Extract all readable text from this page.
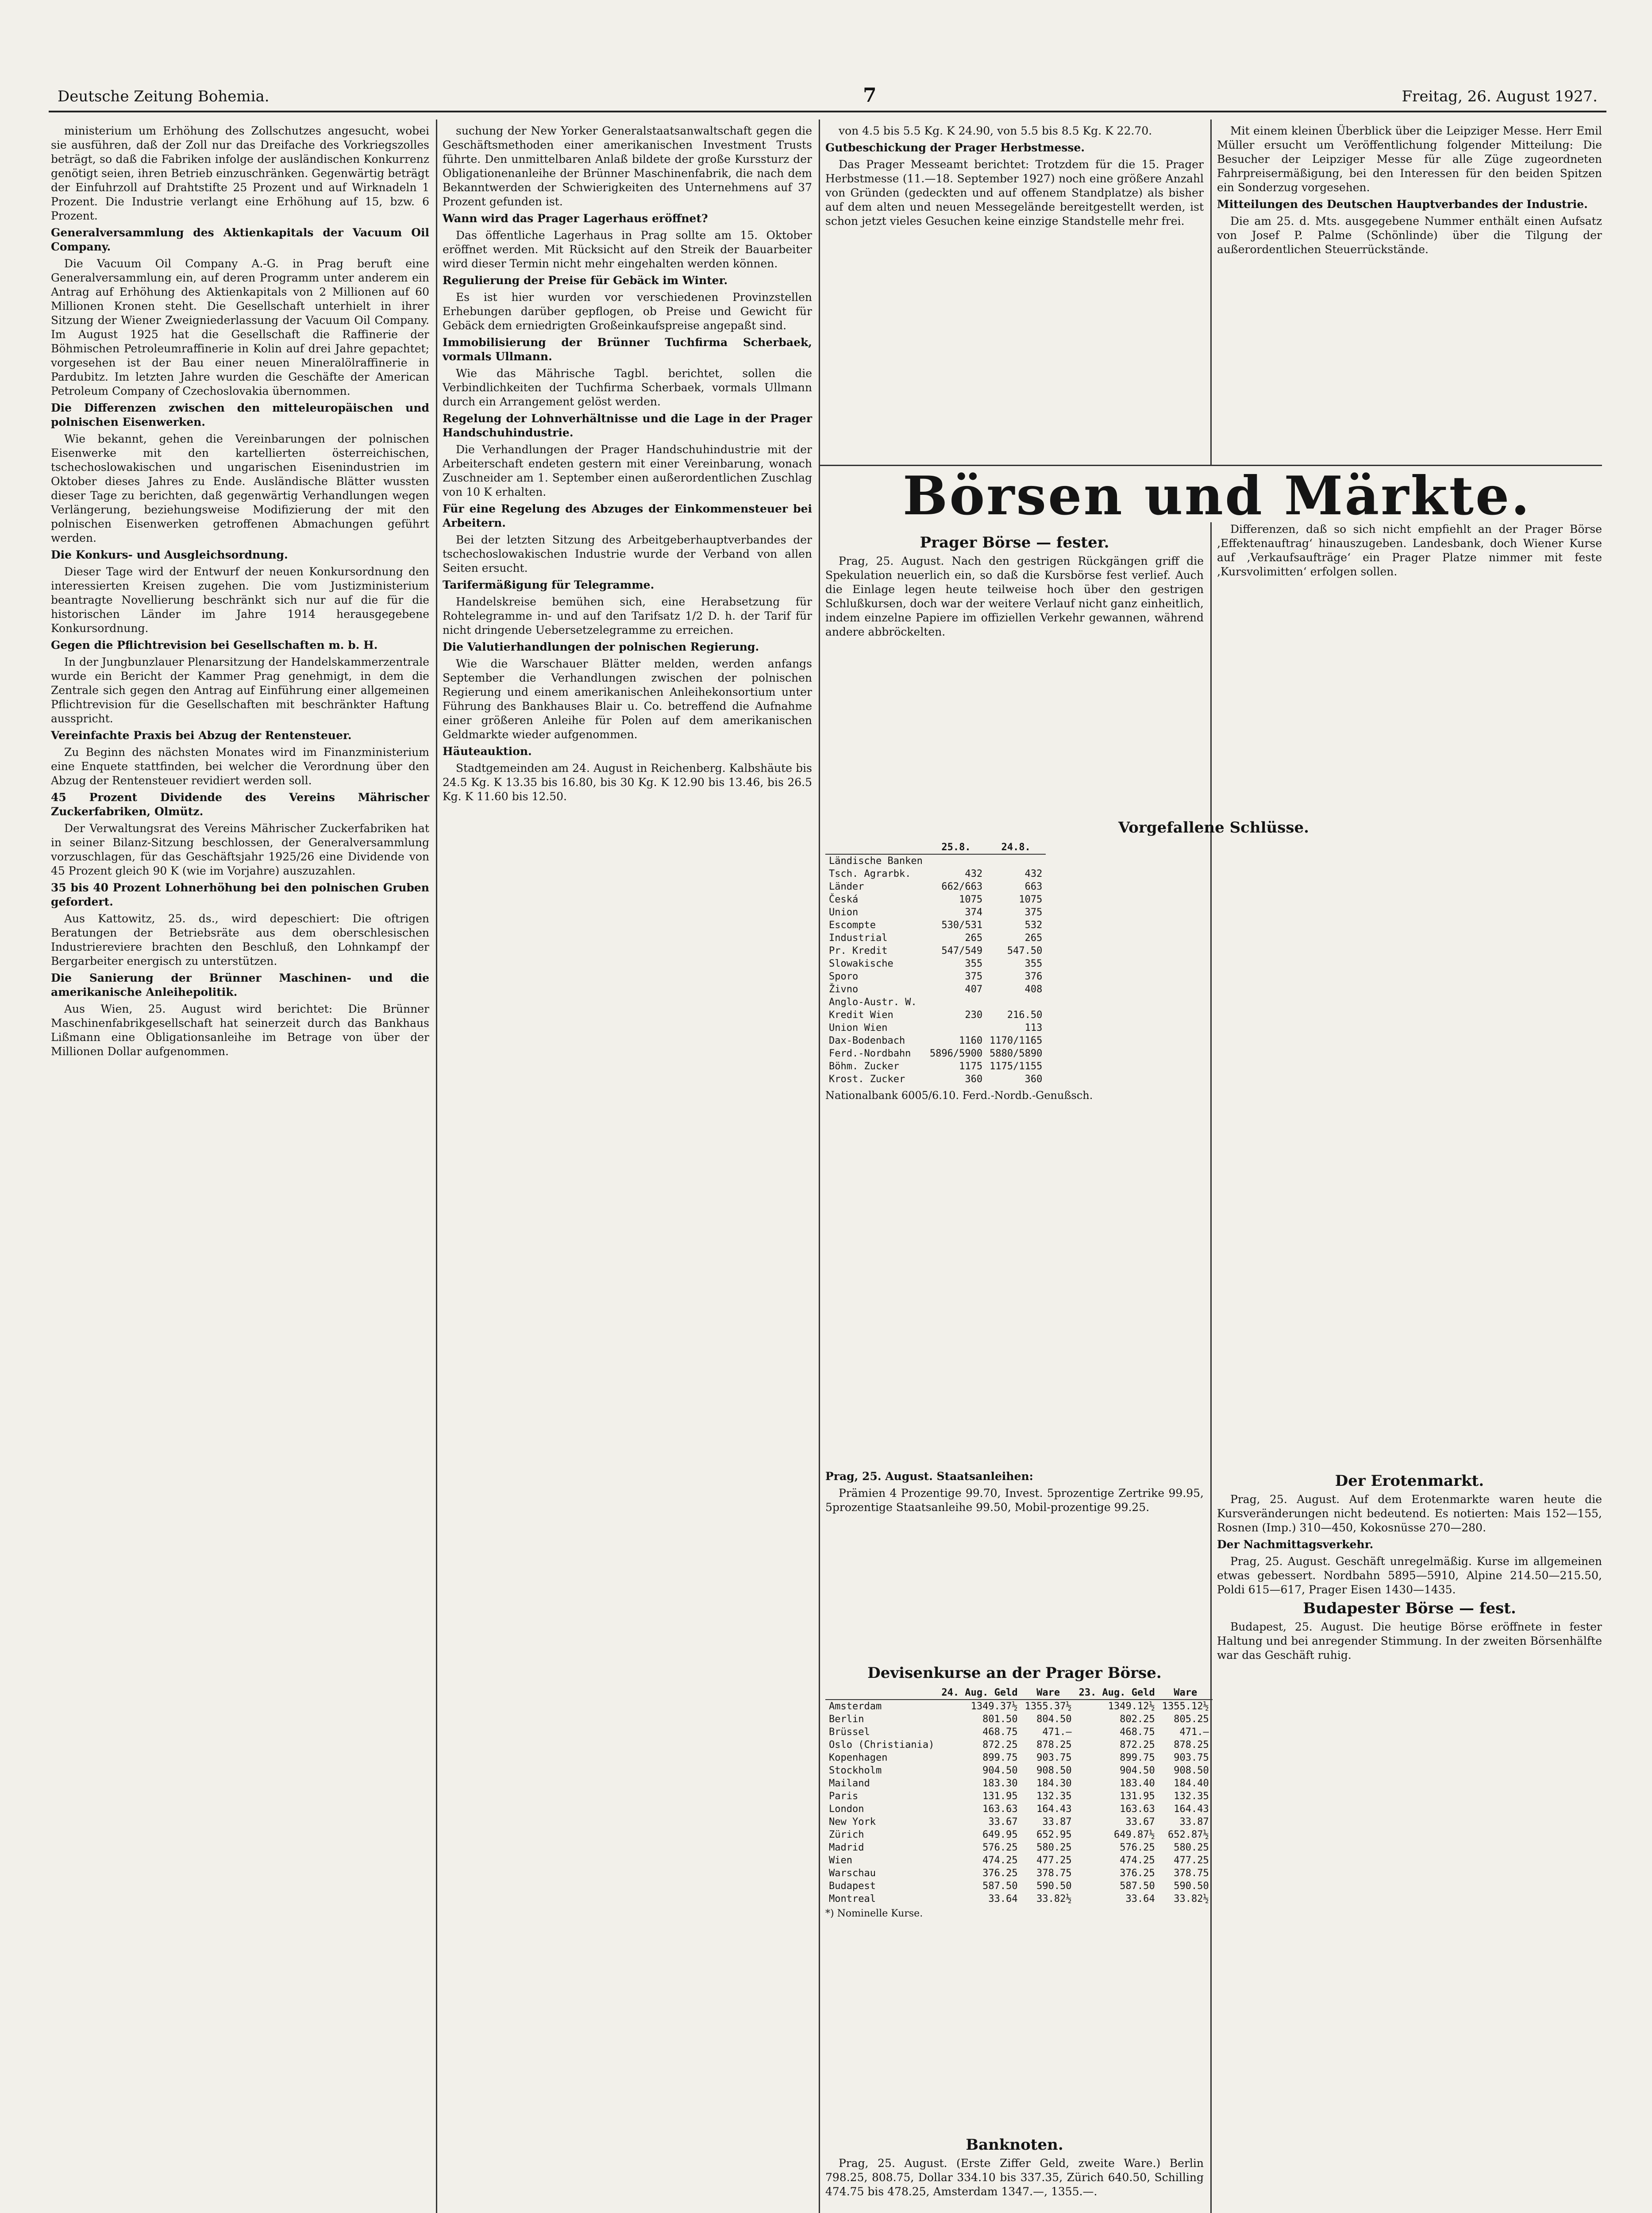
Deutsche Zeitung Bohemia.	7	Freitag, 26. August 1927.

ministerium um Erhöhung des Zollschutzes angesucht, wobei sie ausführen, daß der Zoll nur das Dreifache des Vorkriegszolles beträgt, so daß die Fabriken infolge der ausländischen Konkurrenz genötigt seien, ihren Betrieb einzuschränken. Gegenwärtig beträgt der Einfuhrzoll auf Drahtstifte 25 Prozent und auf Wirknadeln 1 Prozent. Die Industrie verlangt eine Erhöhung auf 15, bzw. 6 Prozent.

Generalversammlung des Aktienkapitals der Vacuum Oil Company.

Die Vacuum Oil Company A.-G. in Prag beruft eine Generalversammlung ein, auf deren Programm unter anderem ein Antrag auf Erhöhung des Aktienkapitals von 2 Millionen auf 60 Millionen Kronen steht. Die Gesellschaft unterhielt in ihrer Sitzung der Wiener Zweigniederlassung der Vacuum Oil Company. Im August 1925 hat die Gesellschaft die Raffinerie der Böhmischen Petroleumraffinerie in Kolin auf drei Jahre gepachtet; vorgesehen ist der Bau einer neuen Mineralölraffinerie in Pardubitz. Im letzten Jahre wurden die Geschäfte der American Petroleum Company of Czechoslovakia übernommen.

Die Differenzen zwischen den mitteleuropäischen und polnischen Eisenwerken.

Wie bekannt, gehen die Vereinbarungen der polnischen Eisenwerke mit den kartellierten österreichischen, tschechoslowakischen und ungarischen Eisenindustrien im Oktober dieses Jahres zu Ende. Ausländische Blätter wussten dieser Tage zu berichten, daß gegenwärtig Verhandlungen wegen Verlängerung, beziehungsweise Modifizierung der mit den polnischen Eisenwerken getroffenen Abmachungen geführt werden.

Die Konkurs- und Ausgleichsordnung.

Dieser Tage wird der Entwurf der neuen Konkursordnung den interessierten Kreisen zugehen. Die vom Justizministerium beantragte Novellierung beschränkt sich nur auf die für die historischen Länder im Jahre 1914 herausgegebene Konkursordnung.

Gegen die Pflichtrevision bei Gesellschaften m. b. H.

In der Jungbunzlauer Plenarsitzung der Handelskammerzentrale wurde ein Bericht der Kammer Prag genehmigt, in dem die Zentrale sich gegen den Antrag auf Einführung einer allgemeinen Pflichtrevision für die Gesellschaften mit beschränkter Haftung ausspricht.

Vereinfachte Praxis bei Abzug der Rentensteuer.

Zu Beginn des nächsten Monates wird im Finanzministerium eine Enquete stattfinden, bei welcher die Verordnung über den Abzug der Rentensteuer revidiert werden soll.

45 Prozent Dividende des Vereins Mährischer Zuckerfabriken, Olmütz.

Der Verwaltungsrat des Vereins Mährischer Zuckerfabriken hat in seiner Bilanz-Sitzung beschlossen, der Generalversammlung vorzuschlagen, für das Geschäftsjahr 1925/26 eine Dividende von 45 Prozent gleich 90 K (wie im Vorjahre) auszuzahlen.

35 bis 40 Prozent Lohnerhöhung bei den polnischen Gruben gefordert.

Aus Kattowitz, 25. ds., wird depeschiert: Die oftrigen Beratungen der Betriebsräte aus dem oberschlesischen Industriereviere brachten den Beschluß, den Lohnkampf der Bergarbeiter energisch zu unterstützen.

Die Sanierung der Brünner Maschinen- und die amerikanische Anleihepolitik.

Aus Wien, 25. August wird berichtet: Die Brünner Maschinenfabrikgesellschaft hat seinerzeit durch das Bankhaus Lißmann eine Obligationsanleihe im Betrage von über der Millionen Dollar aufgenommen.

suchung der New Yorker Generalstaatsanwaltschaft gegen die Geschäftsmethoden einer amerikanischen Investment Trusts führte. Den unmittelbaren Anlaß bildete der große Kurssturz der Obligationenanleihe der Brünner Maschinenfabrik, die nach dem Bekanntwerden der Schwierigkeiten des Unternehmens auf 37 Prozent gefunden ist.

Wann wird das Prager Lagerhaus eröffnet?

Das öffentliche Lagerhaus in Prag sollte am 15. Oktober eröffnet werden. Mit Rücksicht auf den Streik der Bauarbeiter wird dieser Termin nicht mehr eingehalten werden können.

Regulierung der Preise für Gebäck im Winter.

Es ist hier wurden vor verschiedenen Provinzstellen Erhebungen darüber gepflogen, ob Preise und Gewicht für Gebäck dem erniedrigten Großeinkaufspreise angepaßt sind.

Immobilisierung der Brünner Tuchfirma Scherbaek, vormals Ullmann.

Wie das Mährische Tagbl. berichtet, sollen die Verbindlichkeiten der Tuchfirma Scherbaek, vormals Ullmann durch ein Arrangement gelöst werden.

Regelung der Lohnverhältnisse und die Lage in der Prager Handschuhindustrie.

Die Verhandlungen der Prager Handschuhindustrie mit der Arbeiterschaft endeten gestern mit einer Vereinbarung, wonach Zuschneider am 1. September einen außerordentlichen Zuschlag von 10 K erhalten.

Für eine Regelung des Abzuges der Einkommensteuer bei Arbeitern.

Bei der letzten Sitzung des Arbeitgeberhauptverbandes der tschechoslowakischen Industrie wurde der Verband von allen Seiten ersucht.

Tarifermäßigung für Telegramme.

Handelskreise bemühen sich, eine Herabsetzung für Rohtelegramme in- und auf den Tarifsatz 1/2 D. h. der Tarif für nicht dringende Uebersetzelegramme zu erreichen.

Die Valutierhandlungen der polnischen Regierung.

Wie die Warschauer Blätter melden, werden anfangs September die Verhandlungen zwischen der polnischen Regierung und einem amerikanischen Anleihekonsortium unter Führung des Bankhauses Blair u. Co. betreffend die Aufnahme einer größeren Anleihe für Polen auf dem amerikanischen Geldmarkte wieder aufgenommen.

Häuteauktion.

Stadtgemeinden am 24. August in Reichenberg. Kalbshäute bis 24.5 Kg. K 13.35 bis 16.80, bis 30 Kg. K 12.90 bis 13.46, bis 26.5 Kg. K 11.60 bis 12.50.

von 4.5 bis 5.5 Kg. K 24.90, von 5.5 bis 8.5 Kg. K 22.70.

Gutbeschickung der Prager Herbstmesse.

Das Prager Messeamt berichtet: Trotzdem für die 15. Prager Herbstmesse (11.—18. September 1927) noch eine größere Anzahl von Gründen (gedeckten und auf offenem Standplatze) als bisher auf dem alten und neuen Messegelände bereitgestellt werden, ist schon jetzt vieles Gesuchen keine einzige Standstelle mehr frei.

Mit einem kleinen Überblick über die Leipziger Messe. Herr Emil Müller ersucht um Veröffentlichung folgender Mitteilung: Die Besucher der Leipziger Messe für alle Züge zugeordneten Fahrpreisermäßigung, bei den Interessen für den beiden Spitzen ein Sonderzug vorgesehen.

Mitteilungen des Deutschen Hauptverbandes der Industrie.

Die am 25. d. Mts. ausgegebene Nummer enthält einen Aufsatz von Josef P. Palme (Schönlinde) über die Tilgung der außerordentlichen Steuerrückstände.

Börsen und Märkte.
Prager Börse — fester.

Prag, 25. August. Nach den gestrigen Rückgängen griff die Spekulation neuerlich ein, so daß die Kursbörse fest verlief. Auch die Einlage legen heute teilweise hoch über den gestrigen Schlußkursen, doch war der weitere Verlauf nicht ganz einheitlich, indem einzelne Papiere im offiziellen Verkehr gewannen, während andere abbröckelten.

Differenzen, daß so sich nicht empfiehlt an der Prager Börse ‚Effektenauftrag‘ hinauszugeben. Landesbank, doch Wiener Kurse auf ‚Verkaufsaufträge‘ ein Prager Platze nimmer mit feste ‚Kursvolimitten‘ erfolgen sollen.

Vorgefallene Schlüsse.
	25.8.	24.8.
Ländische Banken		
Tsch. Agrarbk.	432	432
Länder	662/663	663
Česká	1075	1075
Union	374	375
Escompte	530/531	532
Industrial	265	265
Pr. Kredit	547/549	547.50
Slowakische	355	355
Sporo	375	376
Živno	407	408
Anglo-Austr. W.		
Kredit Wien	230	216.50
Union Wien		113
Dax-Bodenbach	1160	1170/1165
Ferd.-Nordbahn	5896/5900	5880/5890
Böhm. Zucker	1175	1175/1155
Krost. Zucker	360	360
Nationalbank 6005/6.10. Ferd.-Nordb.-Genußsch.

Prag, 25. August. Staatsanleihen:

Prämien 4 Prozentige 99.70, Invest. 5prozentige Zertrike 99.95, 5prozentige Staatsanleihe 99.50, Mobil-prozentige 99.25.

Devisenkurse an der Prager Börse.
	24. Aug. Geld	Ware	23. Aug. Geld	Ware
Amsterdam	1349.37½	1355.37½	1349.12½	1355.12½
Berlin	801.50	804.50	802.25	805.25
Brüssel	468.75	471.—	468.75	471.—
Oslo (Christiania)	872.25	878.25	872.25	878.25
Kopenhagen	899.75	903.75	899.75	903.75
Stockholm	904.50	908.50	904.50	908.50
Mailand	183.30	184.30	183.40	184.40
Paris	131.95	132.35	131.95	132.35
London	163.63	164.43	163.63	164.43
New York	33.67	33.87	33.67	33.87
Zürich	649.95	652.95	649.87½	652.87½
Madrid	576.25	580.25	576.25	580.25
Wien	474.25	477.25	474.25	477.25
Warschau	376.25	378.75	376.25	378.75
Budapest	587.50	590.50	587.50	590.50
Montreal	33.64	33.82½	33.64	33.82½
*) Nominelle Kurse.
Banknoten.

Prag, 25. August. (Erste Ziffer Geld, zweite Ware.) Berlin 798.25, 808.75, Dollar 334.10 bis 337.35, Zürich 640.50, Schilling 474.75 bis 478.25, Amsterdam 1347.—, 1355.—.

Der Erotenmarkt.

Prag, 25. August. Auf dem Erotenmarkte waren heute die Kursveränderungen nicht bedeutend. Es notierten: Mais 152—155, Rosnen (Imp.) 310—450, Kokosnüsse 270—280.

Der Nachmittagsverkehr.

Prag, 25. August. Geschäft unregelmäßig. Kurse im allgemeinen etwas gebessert. Nordbahn 5895—5910, Alpine 214.50—215.50, Poldi 615—617, Prager Eisen 1430—1435.

Budapester Börse — fest.

Budapest, 25. August. Die heutige Börse eröffnete in fester Haltung und bei anregender Stimmung. In der zweiten Börsenhälfte war das Geschäft ruhig.
